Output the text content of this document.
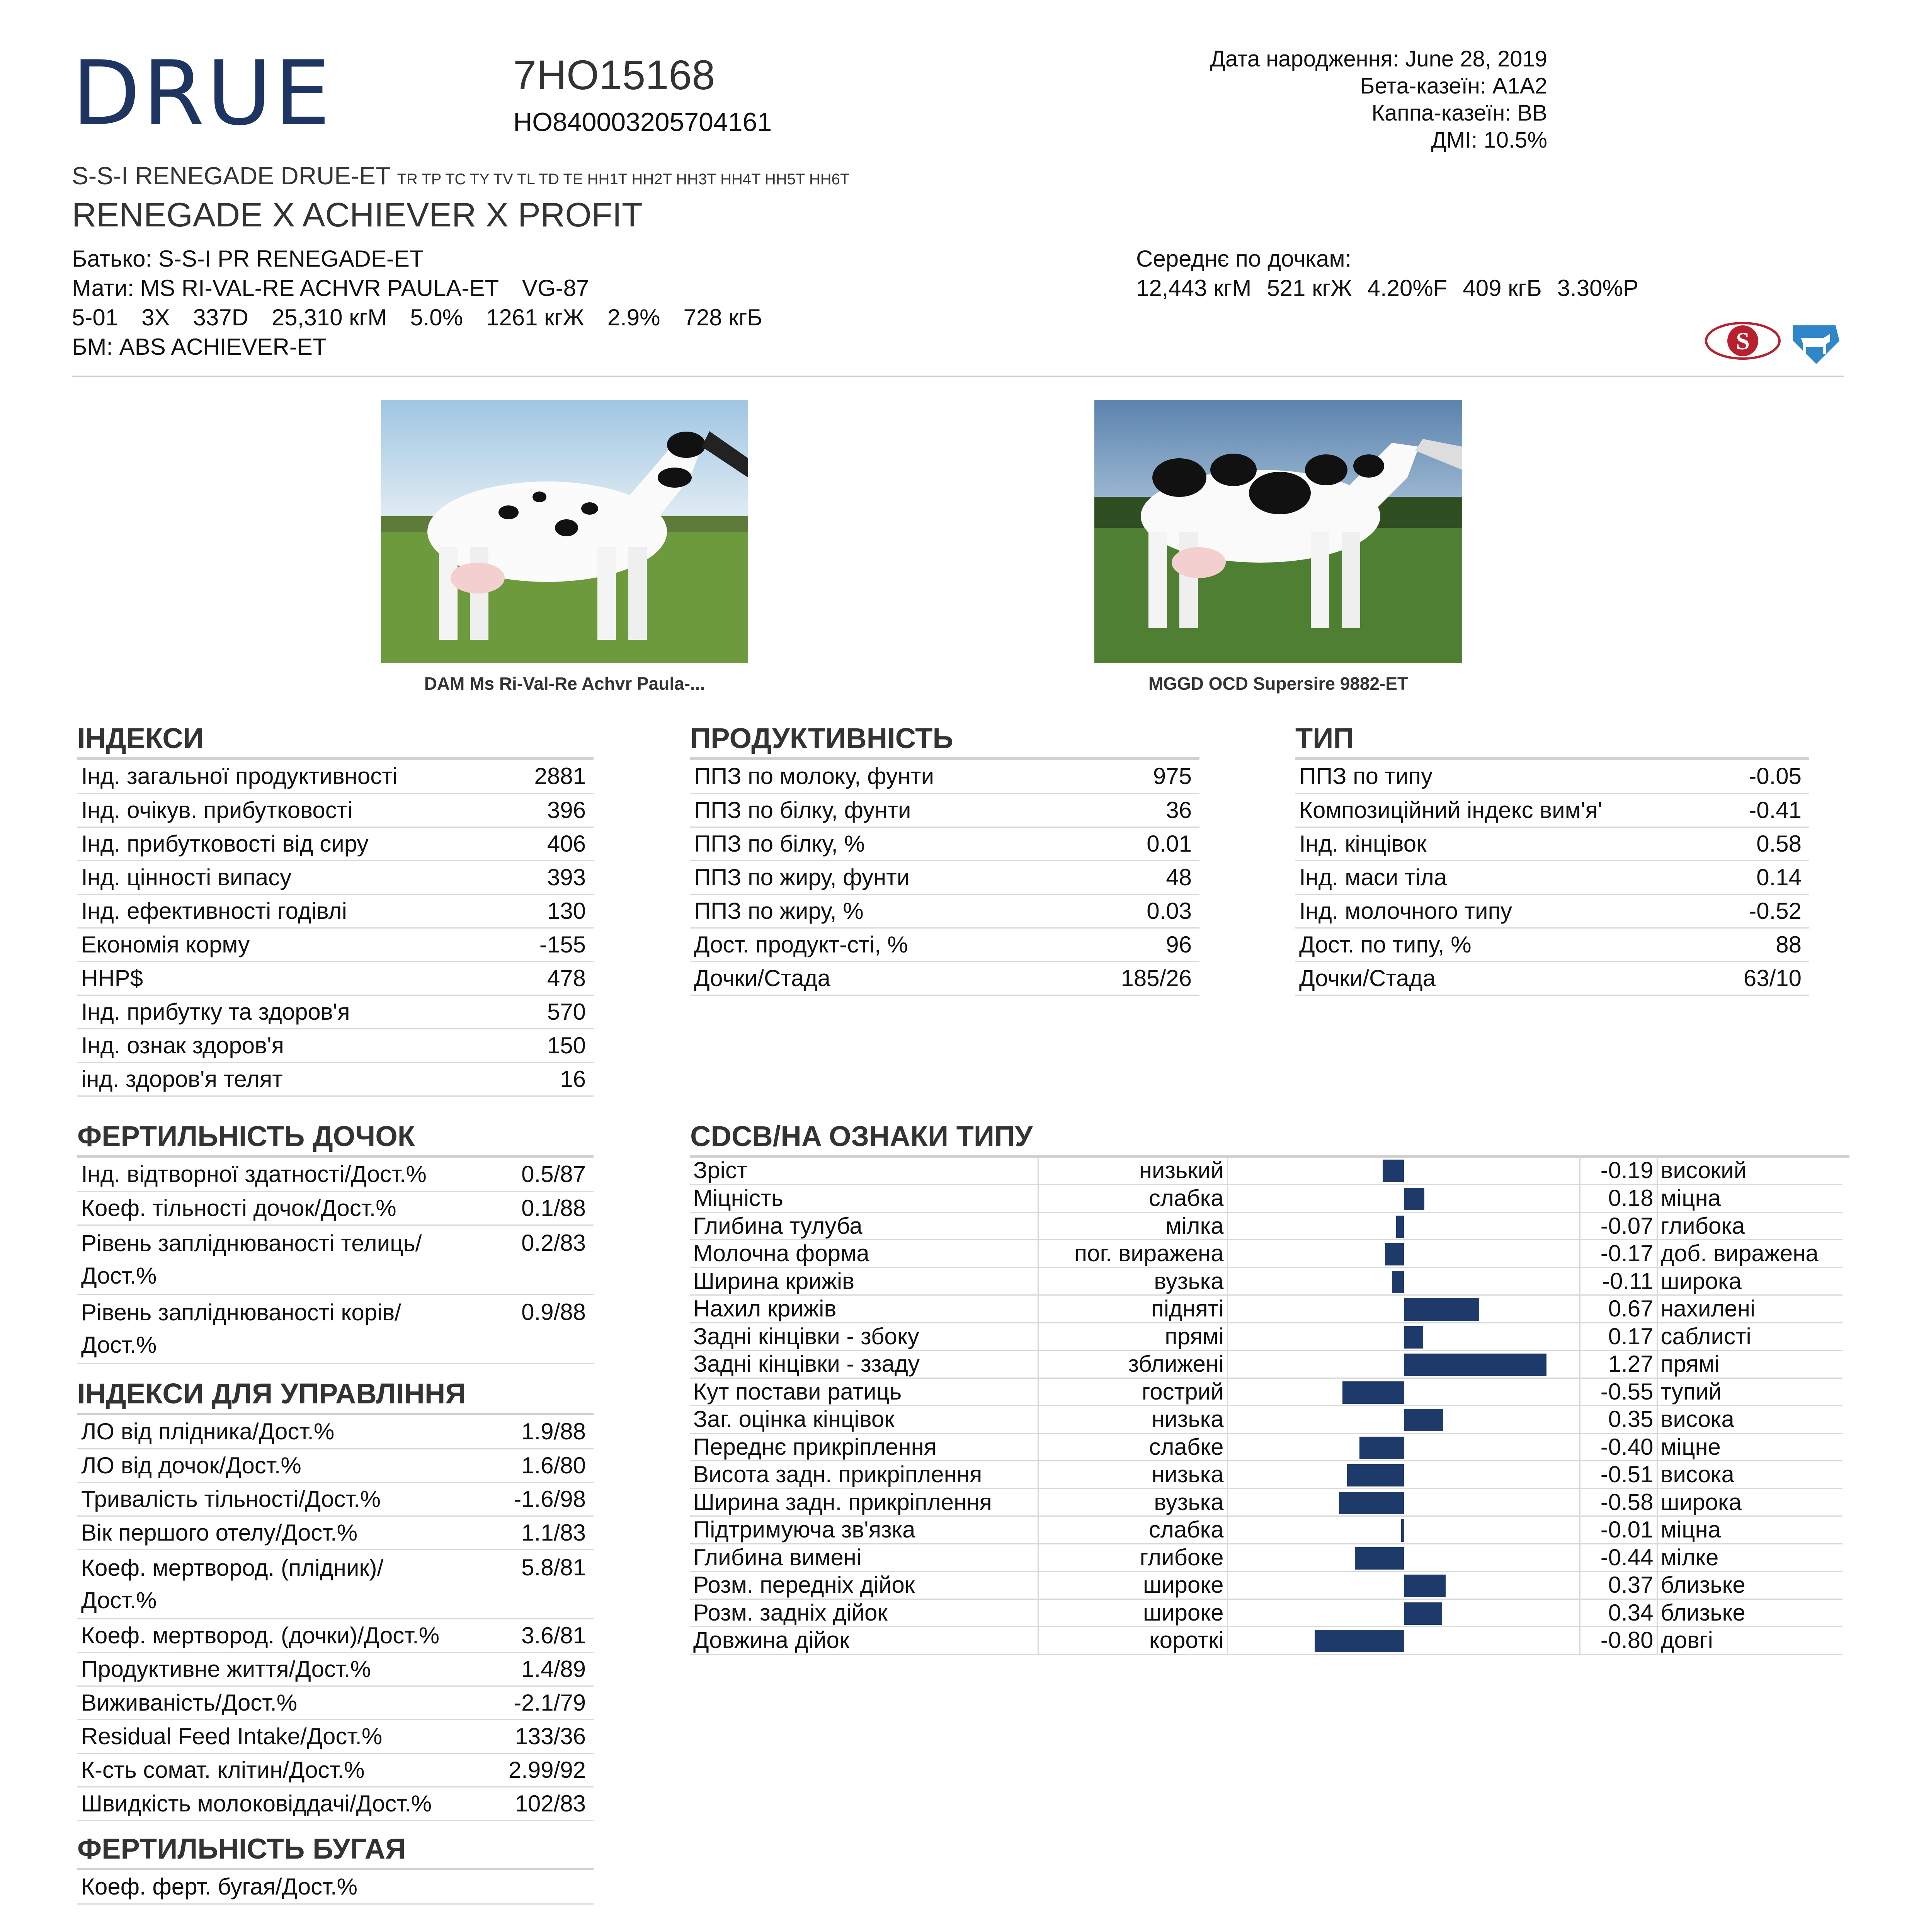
DRUE	7HO15168
HO840003205704161
Дата народження: June 28, 2019
Бета-казеїн: A1A2
Каппа-казеїн: BB
ДМІ: 10.5%
S-S-I RENEGADE DRUE-ET TR TP TC TY TV TL TD TE HH1T HH2T HH3T HH4T HH5T HH6T
RENEGADE X ACHIEVER X PROFIT
Батько: S-S-I PR RENEGADE-ET
Мати: MS RI-VAL-RE ACHVR PAULA-ET VG-87
5-01 3X 337D 25,310 кгМ 5.0% 1261 кгЖ 2.9% 728 кгБ
БМ: ABS ACHIEVER-ET
Середнє по дочкам:
12,443 кгМ 521 кгЖ 4.20%F 409 кгБ 3.30%P
S
DAM Ms Ri-Val-Re Achvr Paula-...	MGGD OCD Supersire 9882-ET
ІНДЕКСИ
Інд. загальної продуктивності	2881
Інд. очікув. прибутковості	396
Інд. прибутковості від сиру	406
Інд. цінності випасу	393
Інд. ефективності годівлі	130
Економія корму	-155
HHP$	478
Інд. прибутку та здоров'я	570
Інд. ознак здоров'я	150
інд. здоров'я телят	16
ПРОДУКТИВНІСТЬ
ППЗ по молоку, фунти	975
ППЗ по білку, фунти	36
ППЗ по білку, %	0.01
ППЗ по жиру, фунти	48
ППЗ по жиру, %	0.03
Дост. продукт-сті, %	96
Дочки/Стада	185/26
ТИП
ППЗ по типу	-0.05
Композиційний індекс вим'я'	-0.41
Інд. кінцівок	0.58
Інд. маси тіла	0.14
Інд. молочного типу	-0.52
Дост. по типу, %	88
Дочки/Стада	63/10
ФЕРТИЛЬНІСТЬ ДОЧОК
Інд. відтворної здатності/Дост.%	0.5/87
Коеф. тільності дочок/Дост.%	0.1/88
Рівень запліднюваності телиць/ Дост.%	0.2/83
Рівень запліднюваності корів/ Дост.%	0.9/88
ІНДЕКСИ ДЛЯ УПРАВЛІННЯ
ЛО від плідника/Дост.%	1.9/88
ЛО від дочок/Дост.%	1.6/80
Тривалість тільності/Дост.%	-1.6/98
Вік першого отелу/Дост.%	1.1/83
Коеф. мертвород. (плідник)/ Дост.%	5.8/81
Коеф. мертвород. (дочки)/Дост.%	3.6/81
Продуктивне життя/Дост.%	1.4/89
Виживаність/Дост.%	-2.1/79
Residual Feed Intake/Дост.%	133/36
К-сть сомат. клітин/Дост.%	2.99/92
Швидкість молоковіддачі/Дост.%	102/83
ФЕРТИЛЬНІСТЬ БУГАЯ
Коеф. ферт. бугая/Дост.%	
CDCB/HA ОЗНАКИ ТИПУ
Зріст	низький		-0.19	високий
Міцність	слабка		0.18	міцна
Глибина тулуба	мілка		-0.07	глибока
Молочна форма	пог. виражена		-0.17	доб. виражена
Ширина крижів	вузька		-0.11	широка
Нахил крижів	підняті		0.67	нахилені
Задні кінцівки - збоку	прямі		0.17	саблисті
Задні кінцівки - ззаду	зближені		1.27	прямі
Кут постави ратиць	гострий		-0.55	тупий
Заг. оцінка кінцівок	низька		0.35	висока
Переднє прикріплення	слабке		-0.40	міцне
Висота задн. прикріплення	низька		-0.51	висока
Ширина задн. прикріплення	вузька		-0.58	широка
Підтримуюча зв'язка	слабка		-0.01	міцна
Глибина вимені	глибоке		-0.44	мілке
Розм. передніх дійок	широке		0.37	близьке
Розм. задніх дійок	широке		0.34	близьке
Довжина дійок	короткі		-0.80	довгі
